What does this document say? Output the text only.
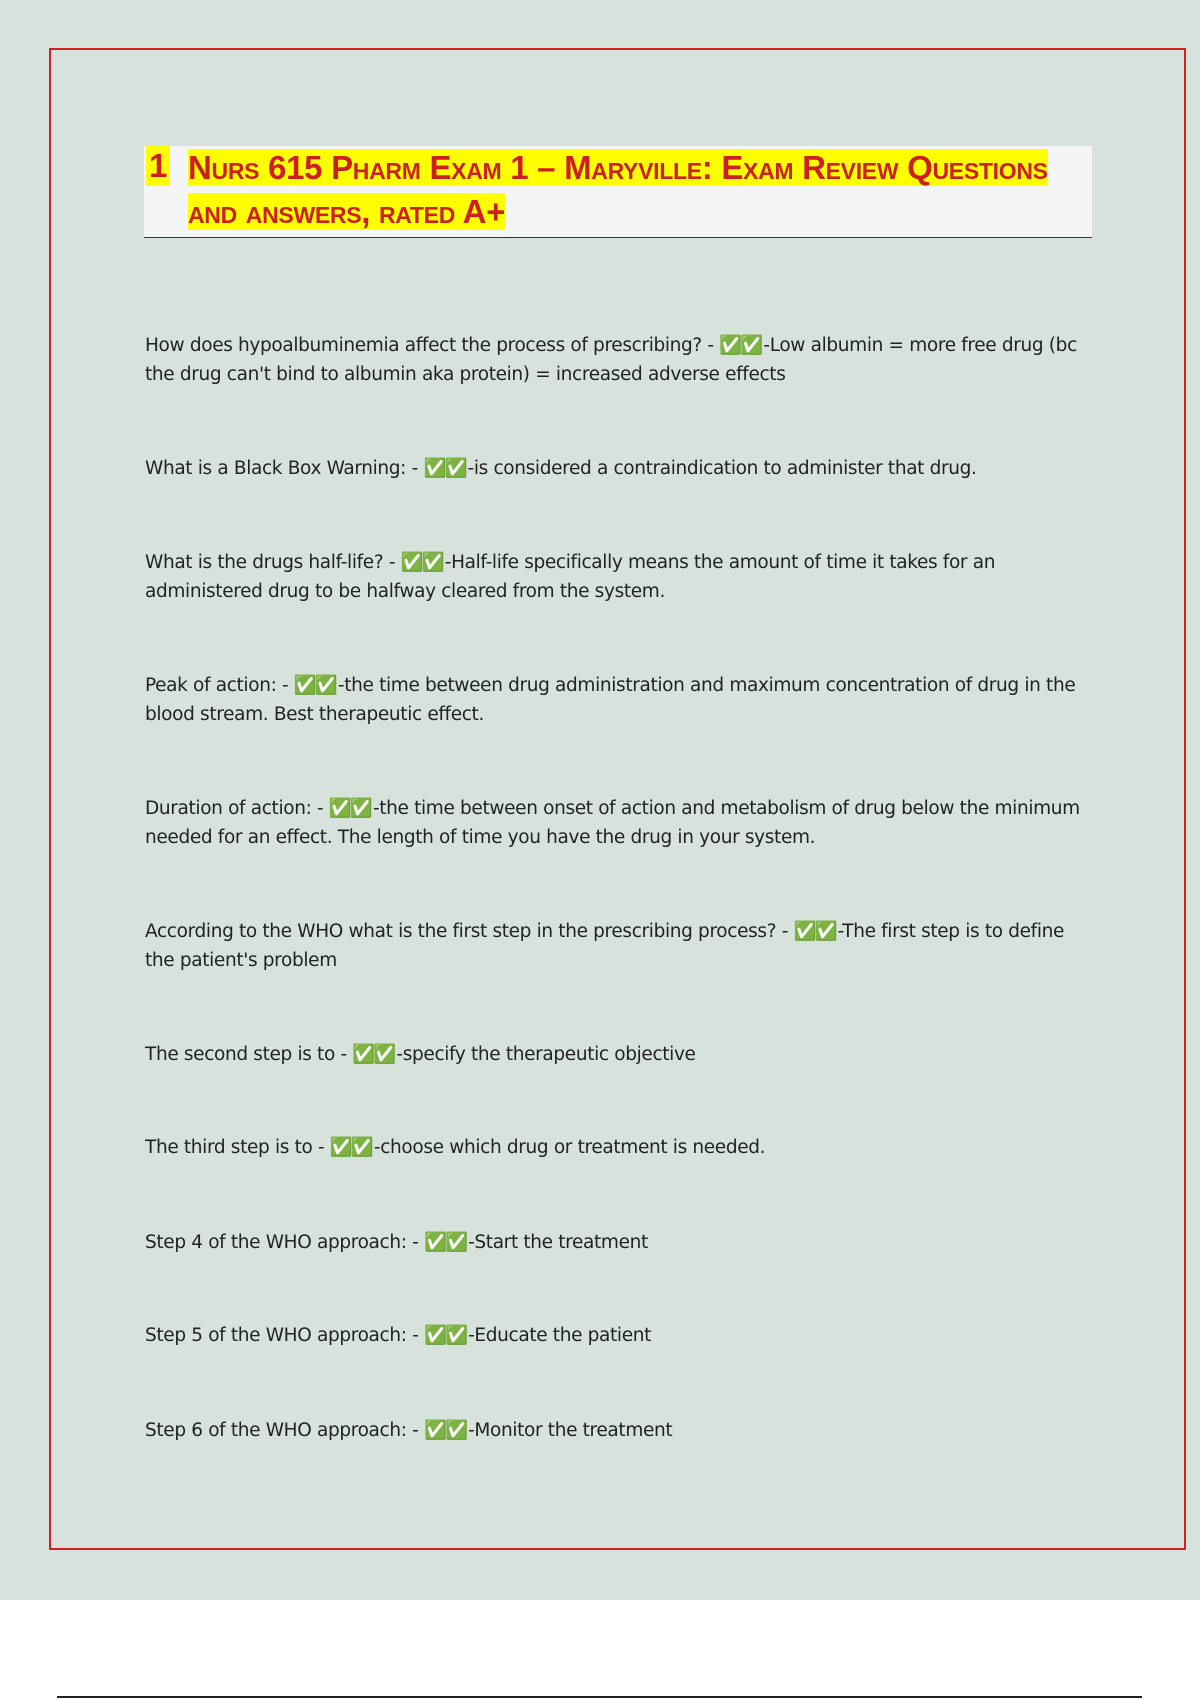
1 Nurs 615 Pharm Exam 1 – Maryville: Exam Review Questions and answers, rated A+
How does hypoalbuminemia affect the process of prescribing? - ✅✅ -Low albumin = more free drug (bc the drug can't bind to albumin aka protein) = increased adverse effects
What is a Black Box Warning: - ✅✅ -is considered a contraindication to administer that drug.
What is the drugs half-life? - ✅✅ -Half-life specifically means the amount of time it takes for an administered drug to be halfway cleared from the system.
Peak of action: - ✅✅ -the time between drug administration and maximum concentration of drug in the blood stream. Best therapeutic effect.
Duration of action: - ✅✅ -the time between onset of action and metabolism of drug below the minimum needed for an effect. The length of time you have the drug in your system.
According to the WHO what is the first step in the prescribing process? - ✅✅ -The first step is to define the patient's problem
The second step is to - ✅✅ -specify the therapeutic objective
The third step is to - ✅✅ -choose which drug or treatment is needed.
Step 4 of the WHO approach: - ✅✅ -Start the treatment
Step 5 of the WHO approach: - ✅✅ -Educate the patient
Step 6 of the WHO approach: - ✅✅ -Monitor the treatment
